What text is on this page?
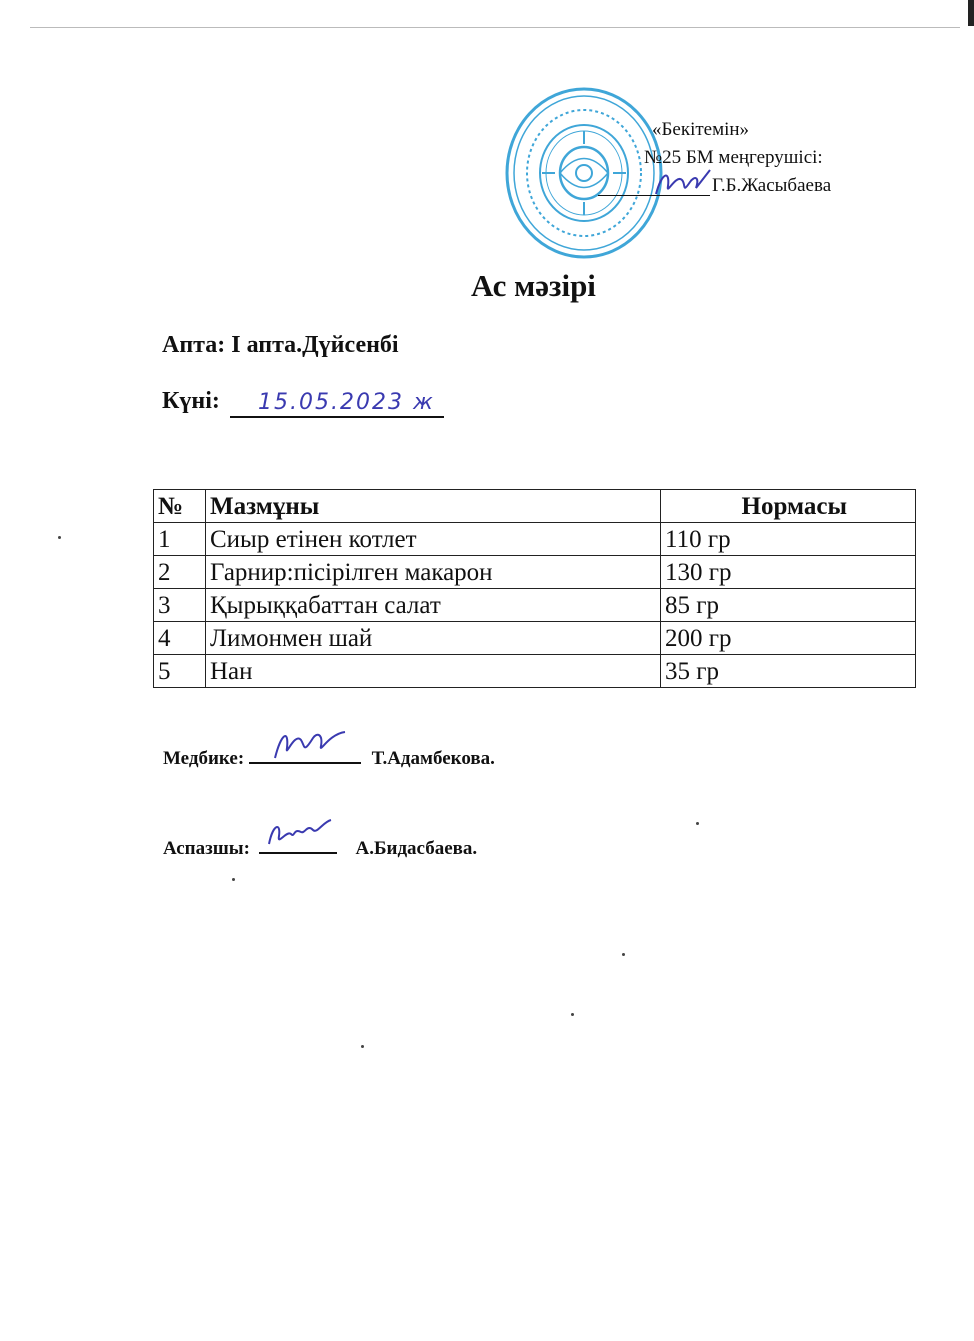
«Бекітемін»
№25 БМ меңгерушісі:
Г.Б.Жасыбаева
Ас мәзірі
Апта: I апта.Дүйсенбі
Күні: 15.05.2023 ж
№	Мазмұны	Нормасы
1	Сиыр етінен котлет	110 гр
2	Гарнир:пісірілген макарон	130 гр
3	Қырыққабаттан салат	85 гр
4	Лимонмен шай	200 гр
5	Нан	35 гр
Медбике:	Т.Адамбекова.
Аспазшы:	А.Бидасбаева.
